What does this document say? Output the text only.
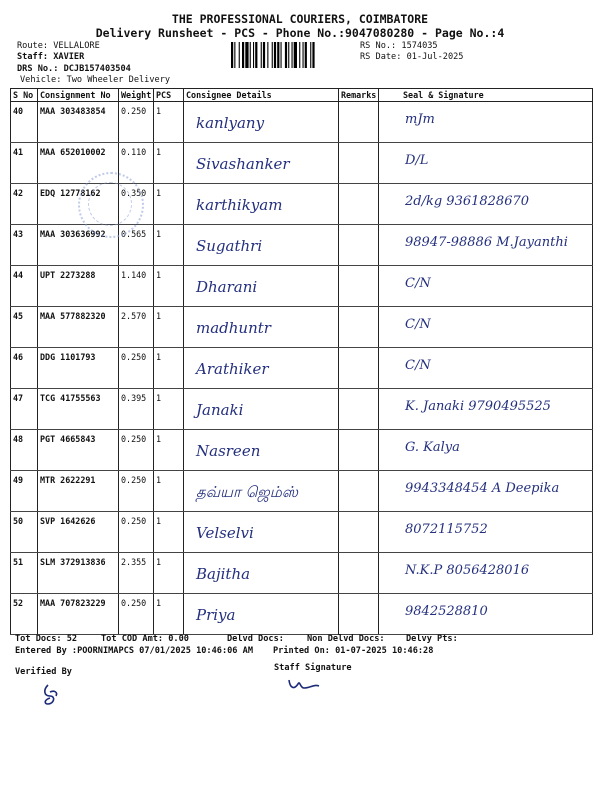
THE PROFESSIONAL COURIERS, COIMBATORE
Delivery Runsheet - PCS - Phone No.:9047080280 - Page No.:4
Route: VELLALORE
Staff: XAVIER
DRS No.: DCJB157403504
Vehicle: Two Wheeler Delivery
RS No.: 1574035
RS Date: 01-Jul-2025
S No	Consignment No	Weight	PCS	Consignee Details	Remarks	Seal & Signature
40	MAA 303483854	0.250	1	kanlyany		mJm

41	MAA 652010002	0.110	1	Sivashanker		D/L

42	EDQ 12778162	0.350	1	karthikyam		2d/kg 9361828670

43	MAA 303636992	0.565	1	Sugathri		98947-98886 M.Jayanthi

44	UPT 2273288	1.140	1	Dharani		C/N

45	MAA 577882320	2.570	1	madhuntr		C/N

46	DDG 1101793	0.250	1	Arathiker		C/N

47	TCG 41755563	0.395	1	Janaki		K. Janaki 9790495525

48	PGT 4665843	0.250	1	Nasreen		G. Kalya

49	MTR 2622291	0.250	1	தவ்யா ஜெம்ஸ்		9943348454 A Deepika

50	SVP 1642626	0.250	1	Velselvi		8072115752

51	SLM 372913836	2.355	1	Bajitha		N.K.P 8056428016

52	MAA 707823229	0.250	1	Priya		9842528810
Tot Docs: 52	Tot COD Amt: 0.00	Delvd Docs:	Non Delvd Docs: Delvy Pts:
Entered By :POORNIMAPCS 07/01/2025 10:46:06 AM Printed On: 01-07-2025 10:46:28
Verified By	Staff Signature
